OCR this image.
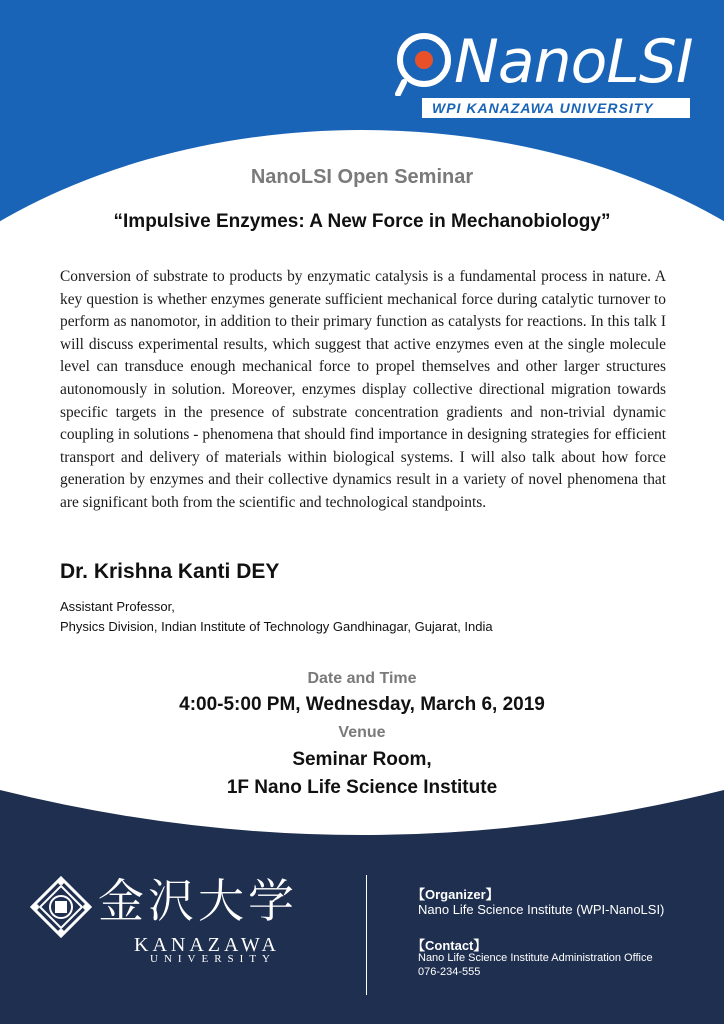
NanoLSI
WPI KANAZAWA UNIVERSITY
NanoLSI Open Seminar
“Impulsive Enzymes: A New Force in Mechanobiology”

Conversion of substrate to products by enzymatic catalysis is a fundamental process in nature. A key question is whether enzymes generate sufficient mechanical force during catalytic turnover to perform as nanomotor, in addition to their primary function as catalysts for reactions. In this talk I will discuss experimental results, which suggest that active enzymes even at the single molecule level can transduce enough mechanical force to propel themselves and other larger structures autonomously in solution. Moreover, enzymes display collective directional migration towards specific targets in the presence of substrate concentration gradients and non-trivial dynamic coupling in solutions - phenomena that should find importance in designing strategies for efficient transport and delivery of materials within biological systems. I will also talk about how force generation by enzymes and their collective dynamics result in a variety of novel phenomena that are significant both from the scientific and technological standpoints.

Dr. Krishna Kanti DEY
Assistant Professor,
Physics Division, Indian Institute of Technology Gandhinagar, Gujarat, India
Date and Time
4:00-5:00 PM, Wednesday, March 6, 2019
Venue
Seminar Room,
1F Nano Life Science Institute
金沢大学
KANAZAWA
UNIVERSITY
【Organizer】
Nano Life Science Institute (WPI-NanoLSI)
【Contact】
Nano Life Science Institute Administration Office
076-234-555
